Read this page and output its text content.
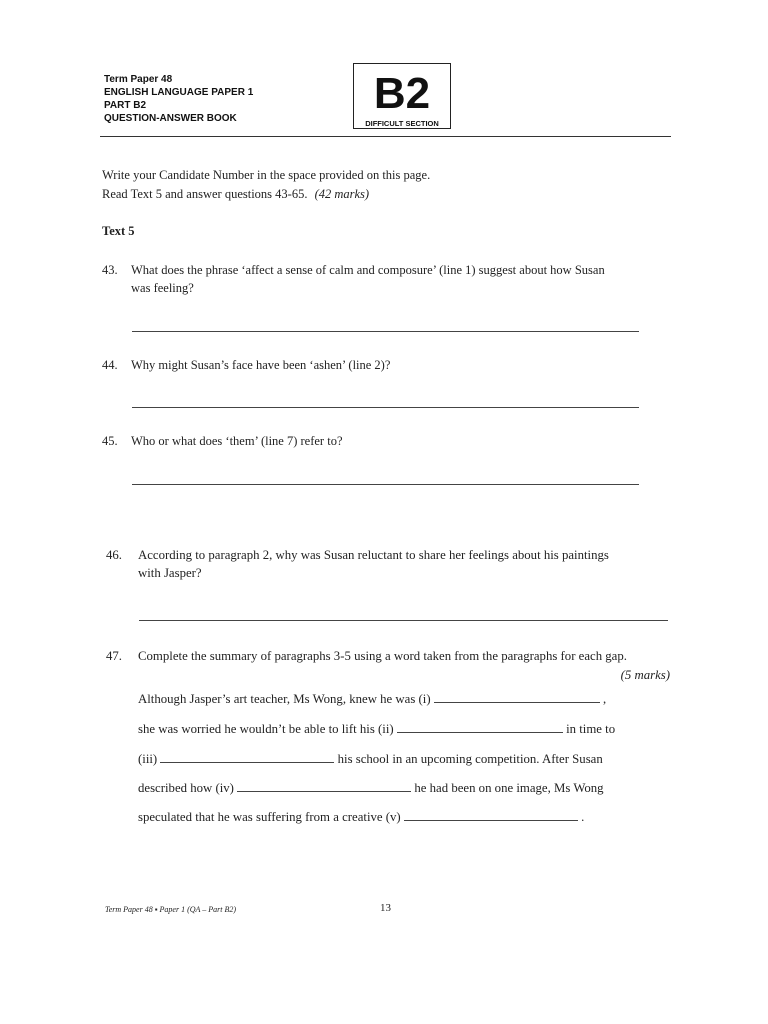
Term Paper 48
ENGLISH LANGUAGE PAPER 1
PART B2
QUESTION-ANSWER BOOK
B2
DIFFICULT SECTION
Write your Candidate Number in the space provided on this page.
Read Text 5 and answer questions 43-65. (42 marks)
Text 5
43. What does the phrase ‘affect a sense of calm and composure’ (line 1) suggest about how Susan
was feeling?
44. Why might Susan’s face have been ‘ashen’ (line 2)?
45. Who or what does ‘them’ (line 7) refer to?
46. According to paragraph 2, why was Susan reluctant to share her feelings about his paintings
with Jasper?
47. Complete the summary of paragraphs 3-5 using a word taken from the paragraphs for each gap.
(5 marks)
Although Jasper’s art teacher, Ms Wong, knew he was (i)	,
she was worried he wouldn’t be able to lift his (ii)	in time to
(iii)	his school in an upcoming competition. After Susan
described how (iv)	he had been on one image, Ms Wong
speculated that he was suffering from a creative (v)	.
Term Paper 48 ▪ Paper 1 (QA – Part B2)	13
